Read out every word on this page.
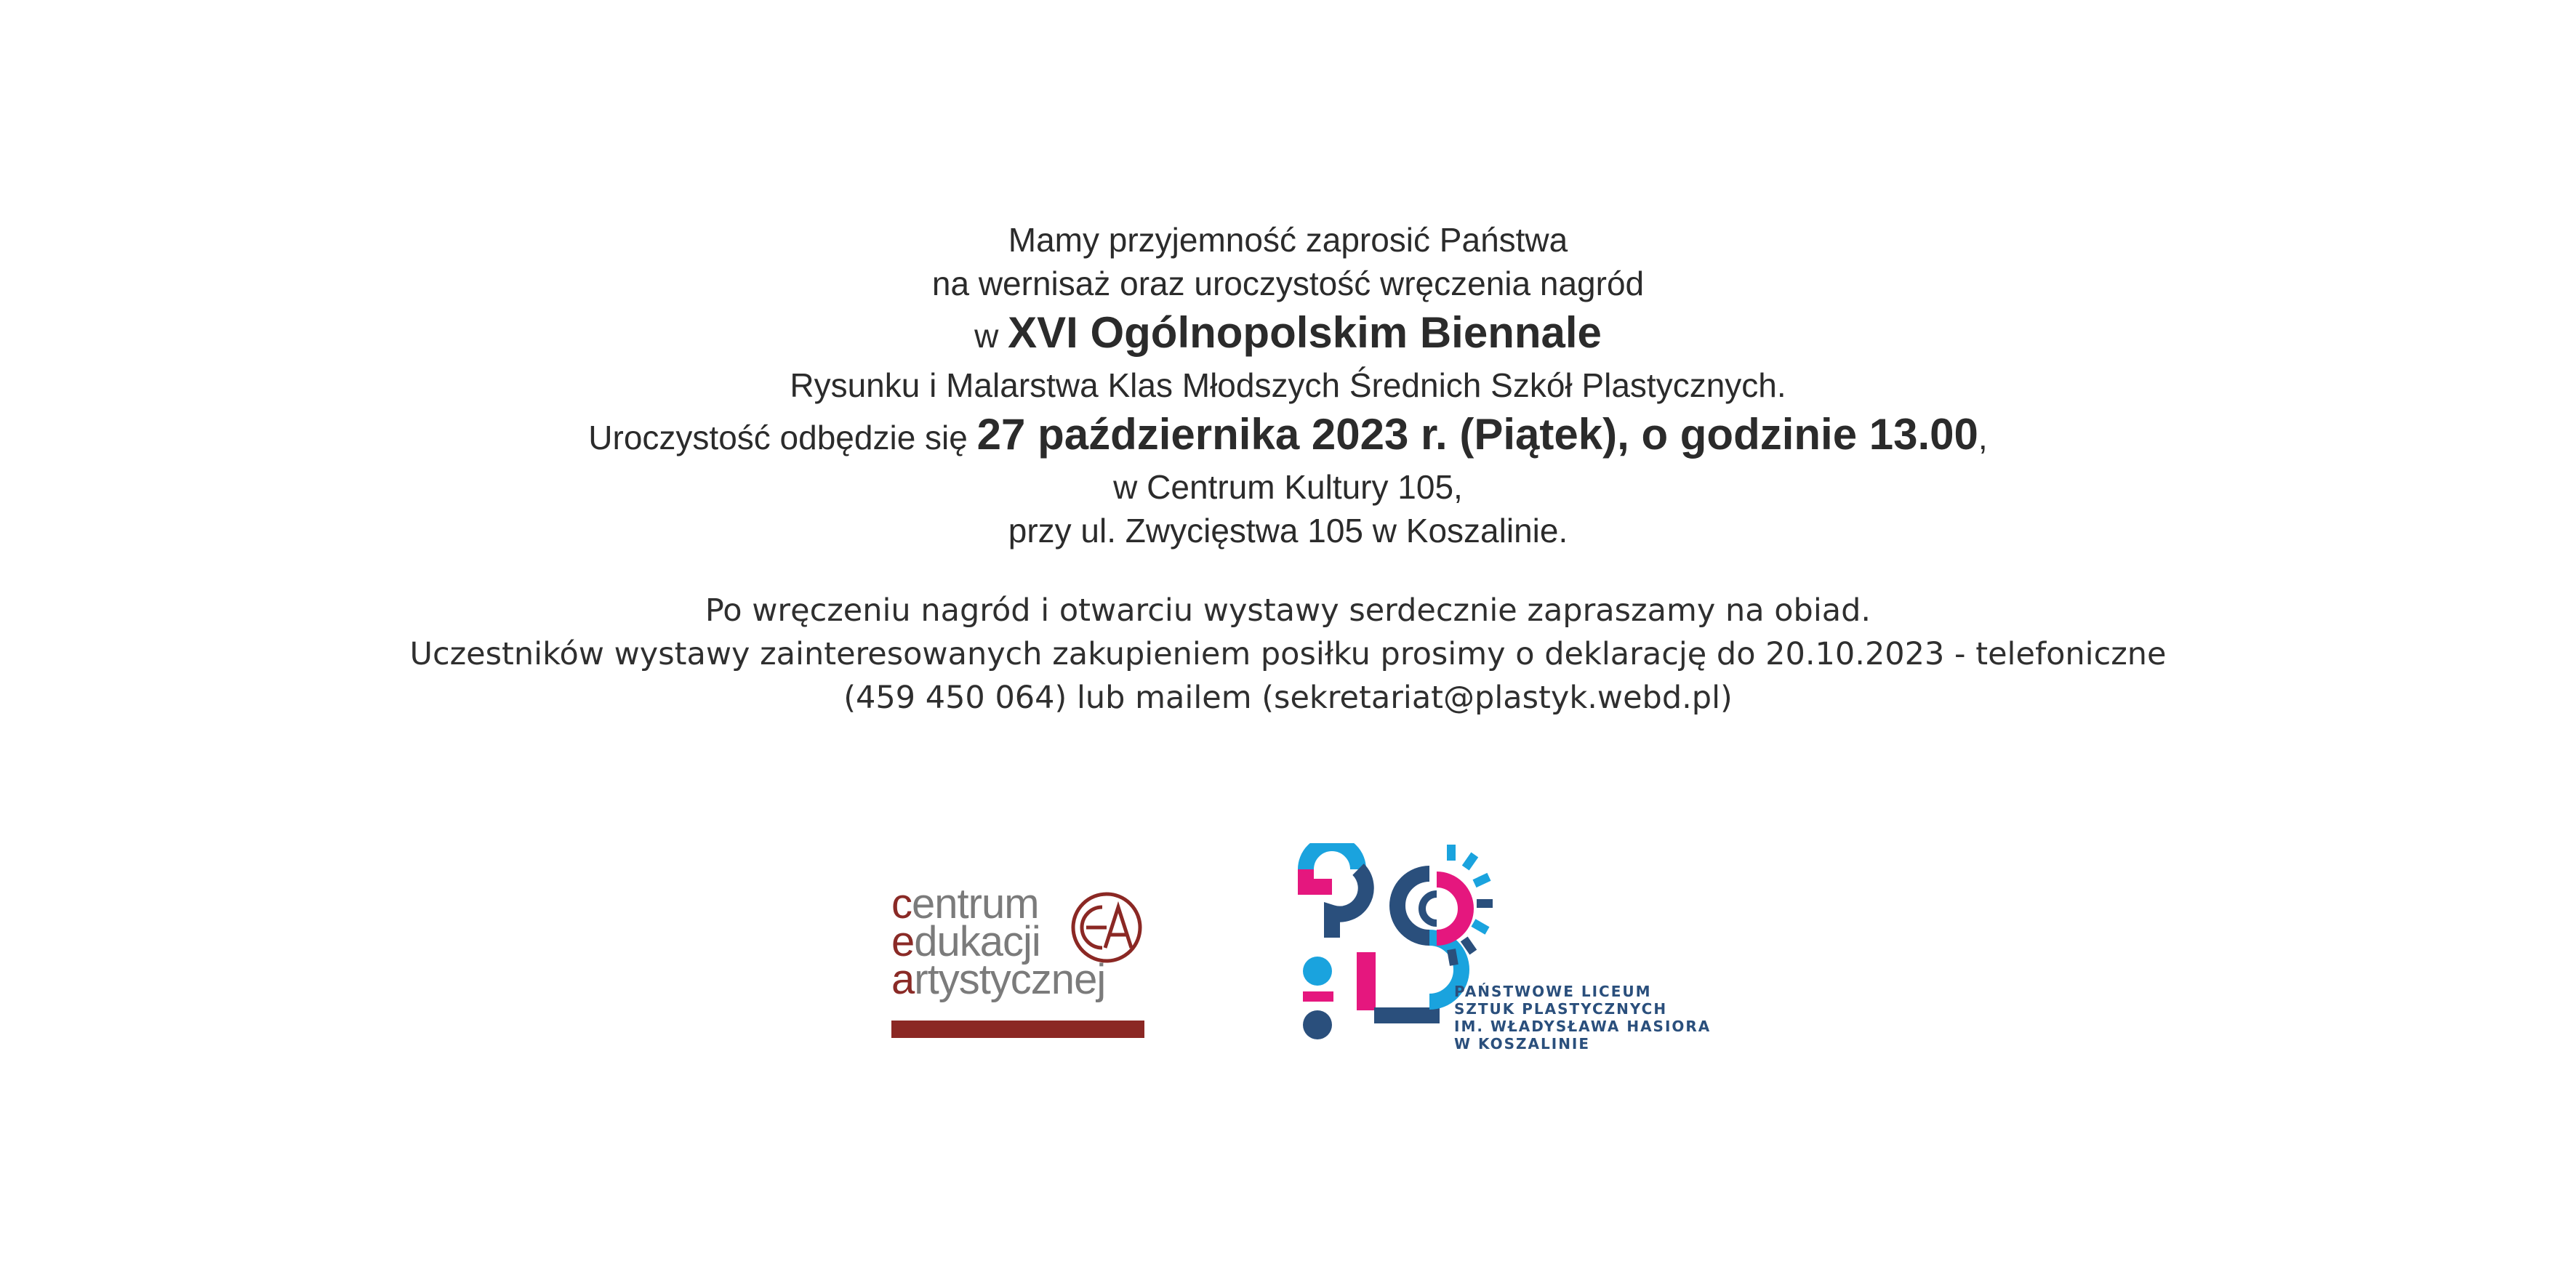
Mamy przyjemność zaprosić Państwa
na wernisaż oraz uroczystość wręczenia nagród
w XVI Ogólnopolskim Biennale
Rysunku i Malarstwa Klas Młodszych Średnich Szkół Plastycznych.
Uroczystość odbędzie się 27 października 2023 r. (Piątek), o godzinie 13.00,
w Centrum Kultury 105,
przy ul. Zwycięstwa 105 w Koszalinie.
Po wręczeniu nagród i otwarciu wystawy serdecznie zapraszamy na obiad.
Uczestników wystawy zainteresowanych zakupieniem posiłku prosimy o deklarację do 20.10.2023 - telefoniczne
(459 450 064) lub mailem (sekretariat@plastyk.webd.pl)
centrum
edukacji
artystycznej	PAŃSTWOWE LICEUM
SZTUK PLASTYCZNYCH
IM. WŁADYSŁAWA HASIORA
W KOSZALINIE
